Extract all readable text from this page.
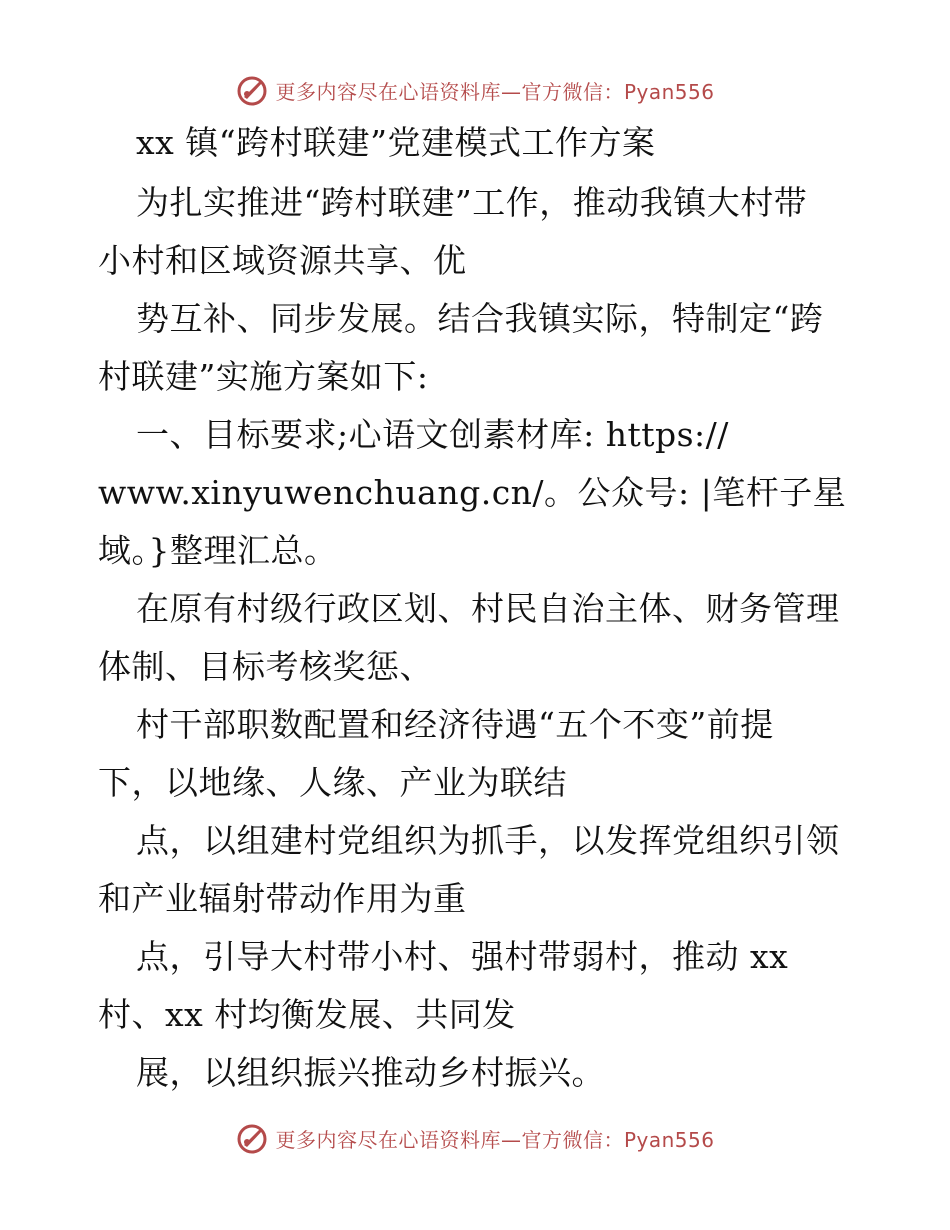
更多内容尽在心语资料库—官方微信：Pyan556
xx 镇“跨村联建”党建模式工作方案
为扎实推进“跨村联建”工作，推动我镇大村带
小村和区域资源共享、优
势互补、同步发展。结合我镇实际，特制定“跨
村联建”实施方案如下:
一、目标要求;心语文创素材库: https://
www.xinyuwenchuang.cn/。公众号: |笔杆子星
域。}整理汇总。
在原有村级行政区划、村民自治主体、财务管理
体制、目标考核奖惩、
村干部职数配置和经济待遇“五个不变”前提
下，以地缘、人缘、产业为联结
点，以组建村党组织为抓手，以发挥党组织引领
和产业辐射带动作用为重
点，引导大村带小村、强村带弱村，推动 xx
村、xx 村均衡发展、共同发
展，以组织振兴推动乡村振兴。
更多内容尽在心语资料库—官方微信：Pyan556
